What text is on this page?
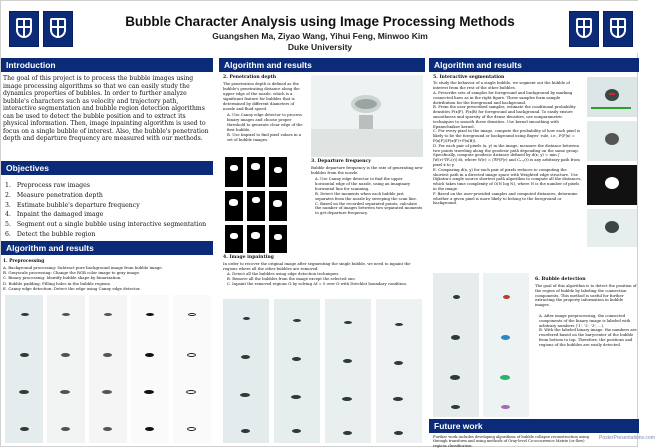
Bubble Character Analysis using Image Processing Methods
Guangshen Ma, Ziyao Wang, Yihui Feng, Minwoo Kim
Duke University
Introduction
The goal of this project is to process the bubble images using image processing algorithms so that we can easily study the dynamics properties of bubbles. In order to further analyze bubble's characters such as velocity and trajectory path, interactive segmentation and bubble region detection algorithms can be used to detect the bubble position and to extract its physical information. Then, image inpainting algorithm is used to focus on a single bubble of interest. Also, the bubble's penetration depth and departure frequency are measured with our methods.
Objectives
1.   Preprocess raw images
2.   Measure penetration depth
3.   Estimate bubble's departure frequency
4.   Inpaint the damaged image
5.   Segment out a single bubble using interactive segmentation
6.   Detect the bubble region
Algorithm and results
1. Preprocessing
A. Background processing: Subtract pure background image from bubble image.
B. Grayscale processing: Change the RGB color image to gray image.
C. Binary processing: Identify bubble shape by binarization.
D. Bubble padding: Filling holes in the bubble regions.
E. Canny edge detection: Detect the edge using Canny edge detector.
Algorithm and results
2. Penetration depth
The penetration depth is defined as the bubble's penetrating distance along the upper edge of the nozzle, which is a significant feature for bubbles that is determined by different diameters of nozzle and fluid speed.
A. Use Canny edge detector to process binary images and choose proper threshold to generate clear edge of the first bubble.
B. Use Impixel to find pixel values in a set of bubble images.
3. Departure frequency
Bubble departure frequency is the rate of generating new bubbles from the nozzle.
A. Use Canny edge detector to find the upper horizontal edge of the nozzle, using an imaginary horizontal line for scanning.
B. Detect the moments when each bubble just separates from the nozzle by sweeping the scan line.
C. Based on the recorded separated points, calculate the number of images between two separated moments to get departure frequency.
4. Image inpainting
In order to recover the original image after segmenting the single bubble, we need to inpaint the regions where all the other bubbles are removed.
A. Detect all the bubbles using edge detection techniques.
B. Remove all the bubbles from the image except the selected one.
C. Inpaint the removed regions Ω by solving Δf = 0 over Ω with Dirichlet boundary condition.
Algorithm and results
5. Interactive segmentation
To study the behavior of a single bubble, we segment out the bubble of interest from the rest of the other bubbles.
A. Prescribe sets of samples for foreground and background by marking connected lines as in the right figure. These samples form sample distribution for the foreground and background.
B. From the user prescribed samples, estimate the conditional probability densities P(x|F), P(x|B) for foreground and background. To easily ensure smoothness and sparsity of the dense densities, use nonparametric techniques to smooth these densities. Use kernel smoothing with Epanechnikov kernel.
C. For every pixel in the image, compute the probability of how each pixel is likely to be the foreground or background using Bayes' rule, i.e., P(F|x) = P(x|F)/(P(x|F)+P(x|B)).
D. For each pair of pixels (x, y) in the image, measure the distance between two points traveling along the geodesic path depending on the same group. Specifically, compute geodesic distance defined by d(x, y) = min ∫ |W(r)·∇Pₙ(r)| dt, where W(r) = (∇P(F|r) and Cₓ,ᵧ(t) is any arbitrary path from pixel x to y.
E. Comparing d(x, y) for each pair of pixels reduces to computing the shortest path in a directed image space with Weighted edge structure. Use Dijkstra's single source shortest path algorithm to compute all the distances, which takes time complexity of O(N log N), where N is the number of pixels in the image.
F. Based on the user-provided samples and computed distances, determine whether a given pixel is more likely to belong to the foreground or background.
6. Bubble detection
The goal of this algorithm is to detect the position of the region of bubble by labeling the connection components. This method is useful for further extracting the property information in bubble images.
A. After image preprocessing, the connected components of the binary image is labeled with arbitrary numbers ('1', '2', '3', ...).
B. With the labeled binary image, the numbers are reordered based on the barycenter of the bubble from bottom to top. Therefore, the positions and regions of the bubbles are easily detected.
Future work
Further work includes developing algorithms of bubble collapse reconstruction using through transform and using methods of Gray-level Co-occurrence Matrix (or flow) regions classification.
PosterPresentations.com
